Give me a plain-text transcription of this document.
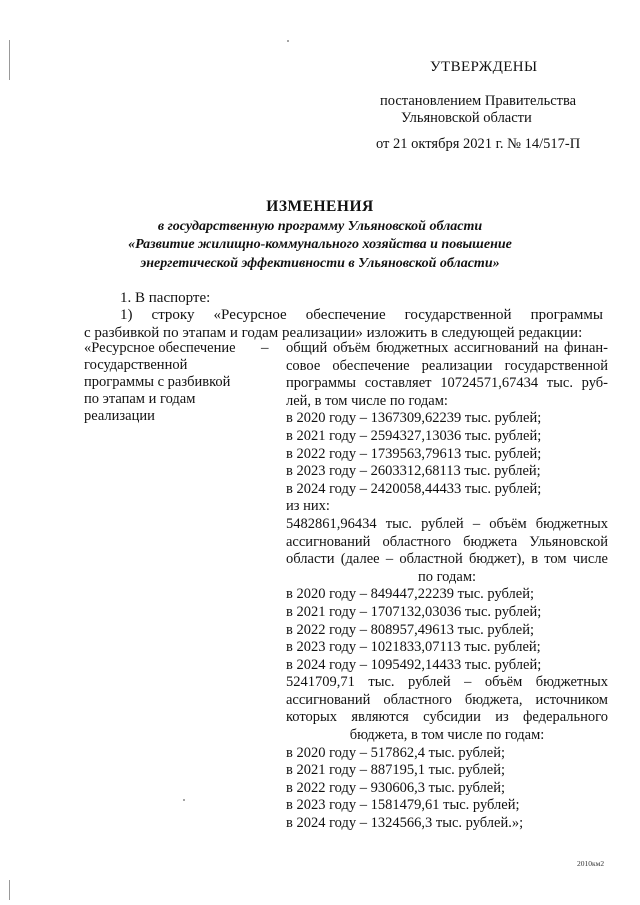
УТВЕРЖДЕНЫ
постановлением Правительства
Ульяновской области
от 21 октября 2021 г. № 14/517-П
ИЗМЕНЕНИЯ
в государственную программу Ульяновской области
«Развитие жилищно-коммунального хозяйства и повышение
энергетической эффективности в Ульяновской области»
1. В паспорте:
1) строку «Ресурсное обеспечение государственной программы
с разбивкой по этапам и годам реализации» изложить в следующей редакции:
«Ресурсное обеспечение
государственной
программы с разбивкой
по этапам и годам
реализации
– общий объём бюджетных ассигнований на финан-
совое обеспечение реализации государственной
программы составляет 10724571,67434 тыс. руб-
лей, в том числе по годам:
в 2020 году – 1367309,62239 тыс. рублей;
в 2021 году – 2594327,13036 тыс. рублей;
в 2022 году – 1739563,79613 тыс. рублей;
в 2023 году – 2603312,68113 тыс. рублей;
в 2024 году – 2420058,44433 тыс. рублей;
из них:
5482861,96434 тыс. рублей – объём бюджетных
ассигнований областного бюджета Ульяновской
области (далее – областной бюджет), в том числе
по годам:
в 2020 году – 849447,22239 тыс. рублей;
в 2021 году – 1707132,03036 тыс. рублей;
в 2022 году – 808957,49613 тыс. рублей;
в 2023 году – 1021833,07113 тыс. рублей;
в 2024 году – 1095492,14433 тыс. рублей;
5241709,71 тыс. рублей – объём бюджетных
ассигнований областного бюджета, источником
которых являются субсидии из федерального
бюджета, в том числе по годам:
в 2020 году – 517862,4 тыс. рублей;
в 2021 году – 887195,1 тыс. рублей;
в 2022 году – 930606,3 тыс. рублей;
в 2023 году – 1581479,61 тыс. рублей;
в 2024 году – 1324566,3 тыс. рублей.»;
2010км2
